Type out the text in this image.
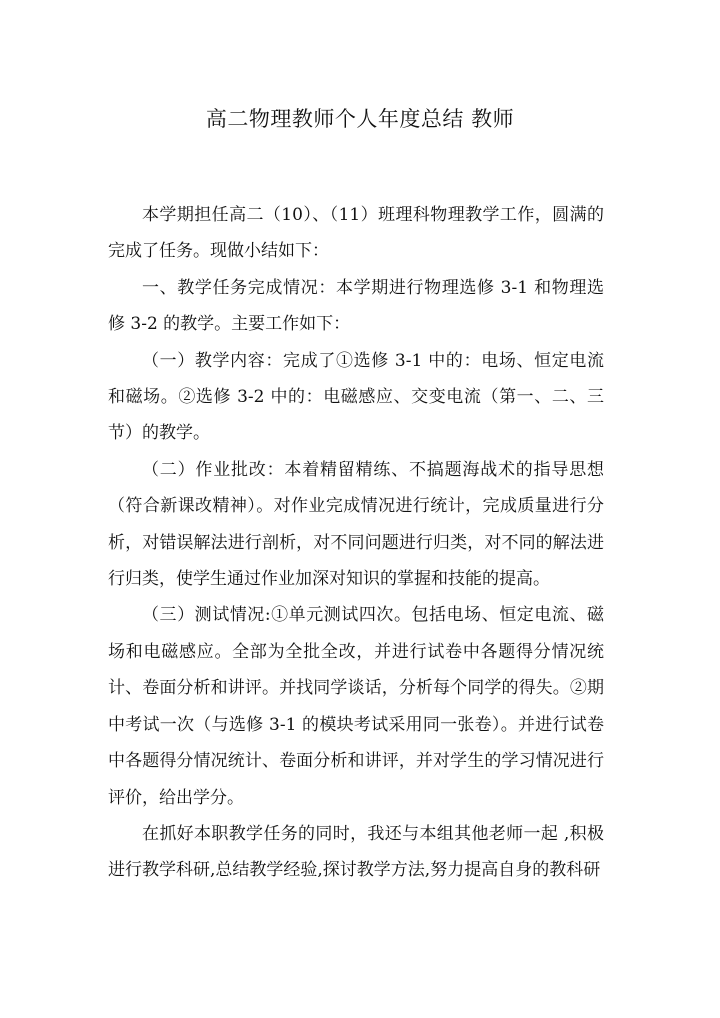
高二物理教师个人年度总结 教师

本学期担任高二（10）、（11）班理科物理教学工作，圆满的完成了任务。现做小结如下：

一、教学任务完成情况：本学期进行物理选修 3-1 和物理选修 3-2 的教学。主要工作如下：

（一）教学内容：完成了①选修 3-1 中的：电场、恒定电流和磁场。②选修 3-2 中的：电磁感应、交变电流（第一、二、三节）的教学。

（二）作业批改：本着精留精练、不搞题海战术的指导思想（符合新课改精神）。对作业完成情况进行统计，完成质量进行分析，对错误解法进行剖析，对不同问题进行归类，对不同的解法进行归类，使学生通过作业加深对知识的掌握和技能的提高。

（三）测试情况:①单元测试四次。包括电场、恒定电流、磁场和电磁感应。全部为全批全改，并进行试卷中各题得分情况统计、卷面分析和讲评。并找同学谈话，分析每个同学的得失。②期中考试一次（与选修 3-1 的模块考试采用同一张卷）。并进行试卷中各题得分情况统计、卷面分析和讲评，并对学生的学习情况进行评价，给出学分。

在抓好本职教学任务的同时，我还与本组其他老师一起 ,积极进行教学科研,总结教学经验,探讨教学方法,努力提高自身的教科研
